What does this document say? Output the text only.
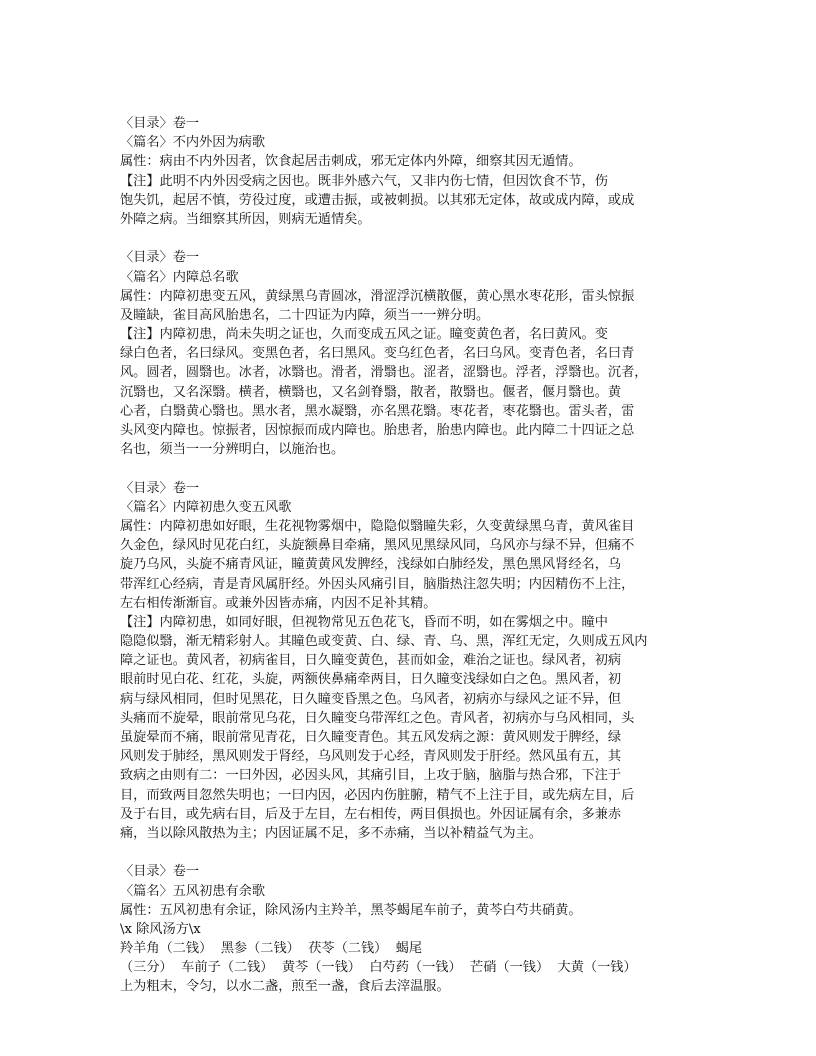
〈目录〉卷一
〈篇名〉不内外因为病歌
属性：病由不内外因者，饮食起居击刺成，邪无定体内外障，细察其因无遁情。
【注】此明不内外因受病之因也。既非外感六气，又非内伤七情，但因饮食不节，伤
饱失饥，起居不慎，劳役过度，或遭击振，或被刺损。以其邪无定体，故或成内障，或成
外障之病。当细察其所因，则病无遁情矣。
〈目录〉卷一
〈篇名〉内障总名歌
属性：内障初患变五风，黄绿黑乌青圆冰，滑涩浮沉横散偃，黄心黑水枣花形，雷头惊振
及瞳缺，雀目高风胎患名，二十四证为内障，须当一一辨分明。
【注】内障初患，尚未失明之证也，久而变成五风之证。瞳变黄色者，名曰黄风。变
绿白色者，名曰绿风。变黑色者，名曰黑风。变乌红色者，名曰乌风。变青色者，名曰青
风。圆者，圆翳也。冰者，冰翳也。滑者，滑翳也。涩者，涩翳也。浮者，浮翳也。沉者，
沉翳也，又名深翳。横者，横翳也，又名剑脊翳，散者，散翳也。偃者，偃月翳也。黄
心者，白翳黄心翳也。黑水者，黑水凝翳，亦名黑花翳。枣花者，枣花翳也。雷头者，雷
头风变内障也。惊振者，因惊振而成内障也。胎患者，胎患内障也。此内障二十四证之总
名也，须当一一分辨明白，以施治也。
〈目录〉卷一
〈篇名〉内障初患久变五风歌
属性：内障初患如好眼，生花视物雾烟中，隐隐似翳瞳失彩，久变黄绿黑乌青，黄风雀目
久金色，绿风时见花白红，头旋额鼻目牵痛，黑风见黑绿风同，乌风亦与绿不异，但痛不
旋乃乌风，头旋不痛青风证，瞳黄黄风发脾经，浅绿如白肺经发，黑色黑风肾经名，乌
带浑红心经病，青是青风属肝经。外因头风痛引目，脑脂热注忽失明；内因精伤不上注，
左右相传渐渐盲。或兼外因皆赤痛，内因不足补其精。
【注】内障初患，如同好眼，但视物常见五色花飞，昏而不明，如在雾烟之中。瞳中
隐隐似翳，渐无精彩射人。其瞳色或变黄、白、绿、青、乌、黑，浑红无定，久则成五风内
障之证也。黄风者，初病雀目，日久瞳变黄色，甚而如金，难治之证也。绿风者，初病
眼前时见白花、红花，头旋，两额侠鼻痛牵两目，日久瞳变浅绿如白之色。黑风者，初
病与绿风相同，但时见黑花，日久瞳变昏黑之色。乌风者，初病亦与绿风之证不异，但
头痛而不旋晕，眼前常见乌花，日久瞳变乌带浑红之色。青风者，初病亦与乌风相同，头
虽旋晕而不痛，眼前常见青花，日久瞳变青色。其五风发病之源：黄风则发于脾经，绿
风则发于肺经，黑风则发于肾经，乌风则发于心经，青风则发于肝经。然风虽有五，其
致病之由则有二：一曰外因，必因头风，其痛引目，上攻于脑，脑脂与热合邪，下注于
目，而致两目忽然失明也；一曰内因，必因内伤脏腑，精气不上注于目，或先病左目，后
及于右目，或先病右目，后及于左目，左右相传，两目俱损也。外因证属有余，多兼赤
痛，当以除风散热为主；内因证属不足，多不赤痛，当以补精益气为主。
〈目录〉卷一
〈篇名〉五风初患有余歌
属性：五风初患有余证，除风汤内主羚羊，黑苓蝎尾车前子，黄芩白芍共硝黄。
\x 除风汤方\x
羚羊角（二钱）  黑参（二钱）  茯苓（二钱）  蝎尾
（三分）  车前子（二钱）  黄芩（一钱）  白芍药（一钱）  芒硝（一钱）  大黄（一钱）
上为粗末，令匀，以水二盏，煎至一盏，食后去滓温服。
